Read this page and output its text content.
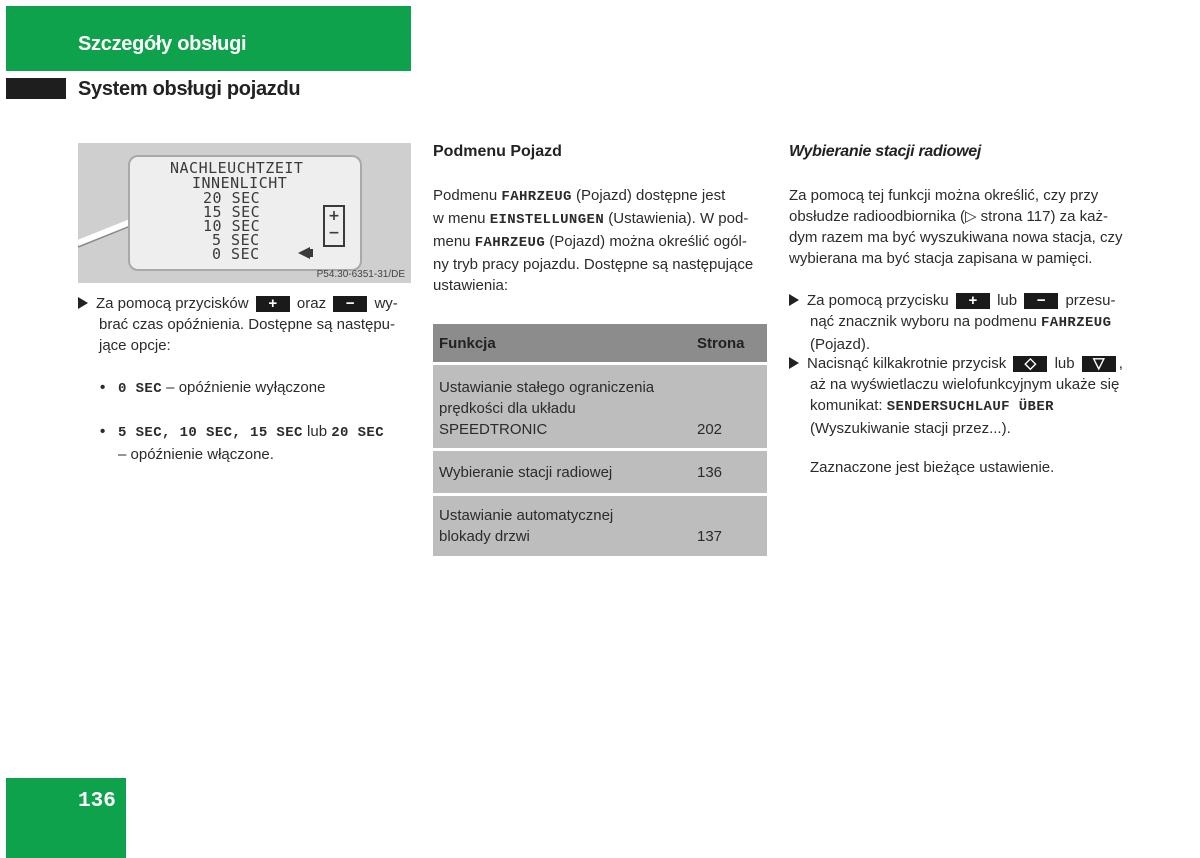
Szczegóły obsługi
System obsługi pojazdu
NACHLEUCHTZEIT
INNENLICHT
20 SEC
15 SEC
10 SEC
5 SEC
0 SEC
+
−
P54.30-6351-31/DE
Za pomocą przycisków + oraz − wy-
brać czas opóźnienia. Dostępne są następu-
jące opcje:
• 0 SEC – opóźnienie wyłączone
• 5 SEC, 10 SEC, 15 SEC lub 20 SEC
– opóźnienie włączone.
Podmenu Pojazd
Podmenu FAHRZEUG (Pojazd) dostępne jest
w menu EINSTELLUNGEN (Ustawienia). W pod-
menu FAHRZEUG (Pojazd) można określić ogól-
ny tryb pracy pojazdu. Dostępne są następujące
ustawienia:
Funkcja	Strona

Ustawianie stałego ograniczenia
prędkości dla układu
SPEEDTRONIC	202

Wybieranie stacji radiowej	136

Ustawianie automatycznej
blokady drzwi	137
Wybieranie stacji radiowej
Za pomocą tej funkcji można określić, czy przy
obsłudze radioodbiornika (▷ strona 117) za każ-
dym razem ma być wyszukiwana nowa stacja, czy
wybierana ma być stacja zapisana w pamięci.
Za pomocą przycisku + lub − przesu-
nąć znacznik wyboru na podmenu FAHRZEUG
(Pojazd).
Nacisnąć kilkakrotnie przycisk ◇ lub ▽ ,
aż na wyświetlaczu wielofunkcyjnym ukaże się
komunikat: SENDERSUCHLAUF ÜBER
(Wyszukiwanie stacji przez...).
Zaznaczone jest bieżące ustawienie.
136
